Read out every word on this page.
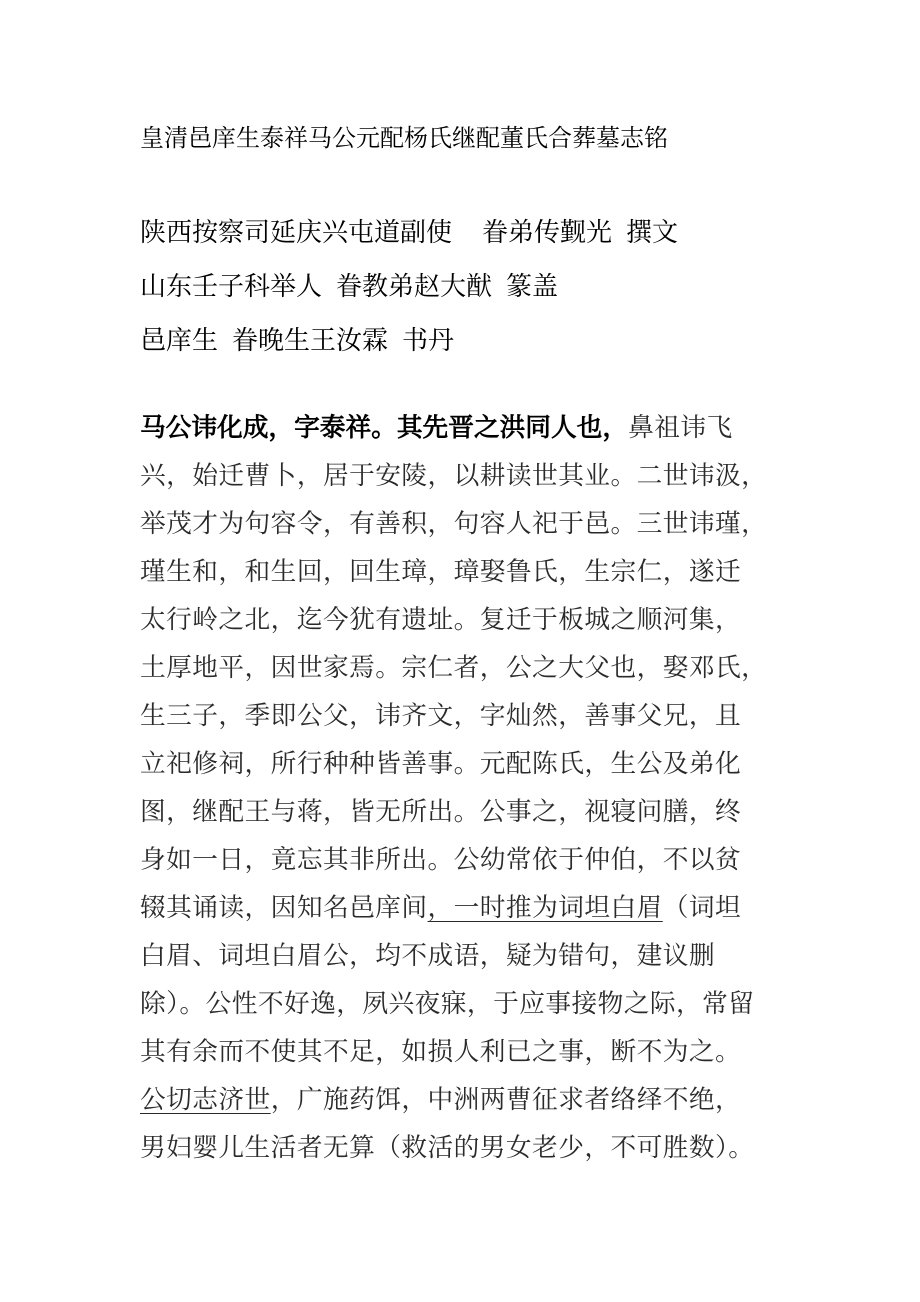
皇清邑庠生泰祥马公元配杨氏继配董氏合葬墓志铭
陕西按察司延庆兴屯道副使 眷弟传觐光 撰文
山东壬子科举人 眷教弟赵大猷 篆盖
邑庠生 眷晚生王汝霖 书丹
马公讳化成，字泰祥。其先晋之洪同人也，鼻祖讳飞
兴，始迁曹卜，居于安陵，以耕读世其业。二世讳汲，
举茂才为句容令，有善积，句容人祀于邑。三世讳瑾，
瑾生和，和生回，回生璋，璋娶鲁氏，生宗仁，遂迁
太行岭之北，迄今犹有遗址。复迁于板城之顺河集，
土厚地平，因世家焉。宗仁者，公之大父也，娶邓氏，
生三子，季即公父，讳齐文，字灿然，善事父兄，且
立祀修祠，所行种种皆善事。元配陈氏，生公及弟化
图，继配王与蒋，皆无所出。公事之，视寝问膳，终
身如一日，竟忘其非所出。公幼常依于仲伯，不以贫
辍其诵读，因知名邑庠间，一时推为词坦白眉（词坦
白眉、词坦白眉公，均不成语，疑为错句，建议删
除）。公性不好逸，夙兴夜寐，于应事接物之际，常留
其有余而不使其不足，如损人利已之事，断不为之。
公切志济世，广施药饵，中洲两曹征求者络绎不绝，
男妇婴儿生活者无算（救活的男女老少，不可胜数）。
